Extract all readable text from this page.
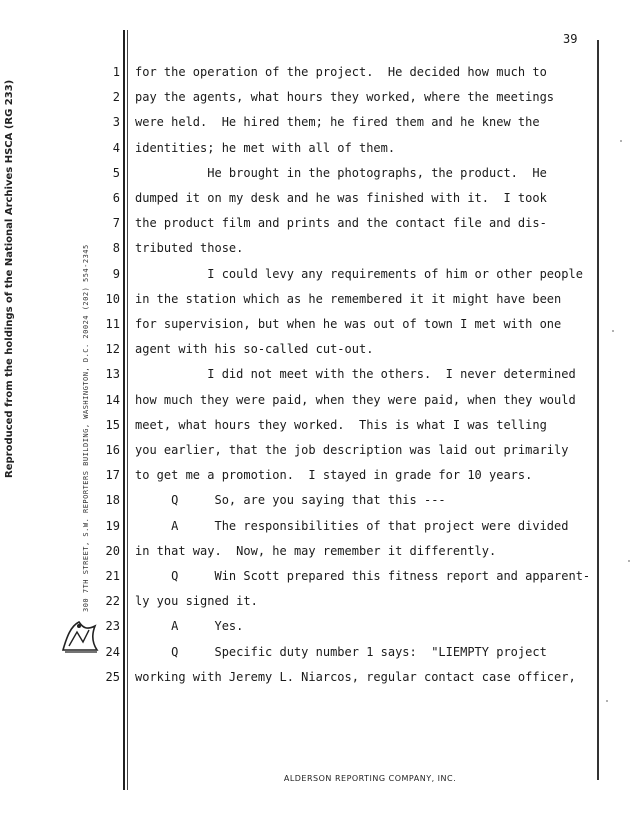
39
Reproduced from the holdings of the National Archives HSCA (RG 233)	300 7TH STREET, S.W. REPORTERS BUILDING, WASHINGTON, D.C. 20024 (202) 554-2345
1 for the operation of the project.  He decided how much to
2 pay the agents, what hours they worked, where the meetings
3 were held.  He hired them; he fired them and he knew the
4 identities; he met with all of them.
5 He brought in the photographs, the product.  He
6 dumped it on my desk and he was finished with it.  I took
7 the product film and prints and the contact file and dis-
8 tributed those.
9 I could levy any requirements of him or other people
10 in the station which as he remembered it it might have been
11 for supervision, but when he was out of town I met with one
12 agent with his so-called cut-out.
13 I did not meet with the others.  I never determined
14 how much they were paid, when they were paid, when they would
15 meet, what hours they worked.  This is what I was telling
16 you earlier, that the job description was laid out primarily
17 to get me a promotion.  I stayed in grade for 10 years.
18 Q     So, are you saying that this ---
19 A     The responsibilities of that project were divided
20 in that way.  Now, he may remember it differently.
21 Q     Win Scott prepared this fitness report and apparent-
22 ly you signed it.
23 A     Yes.
24 Q     Specific duty number 1 says:  "LIEMPTY project
25 working with Jeremy L. Niarcos, regular contact case officer,
ALDERSON REPORTING COMPANY, INC.
